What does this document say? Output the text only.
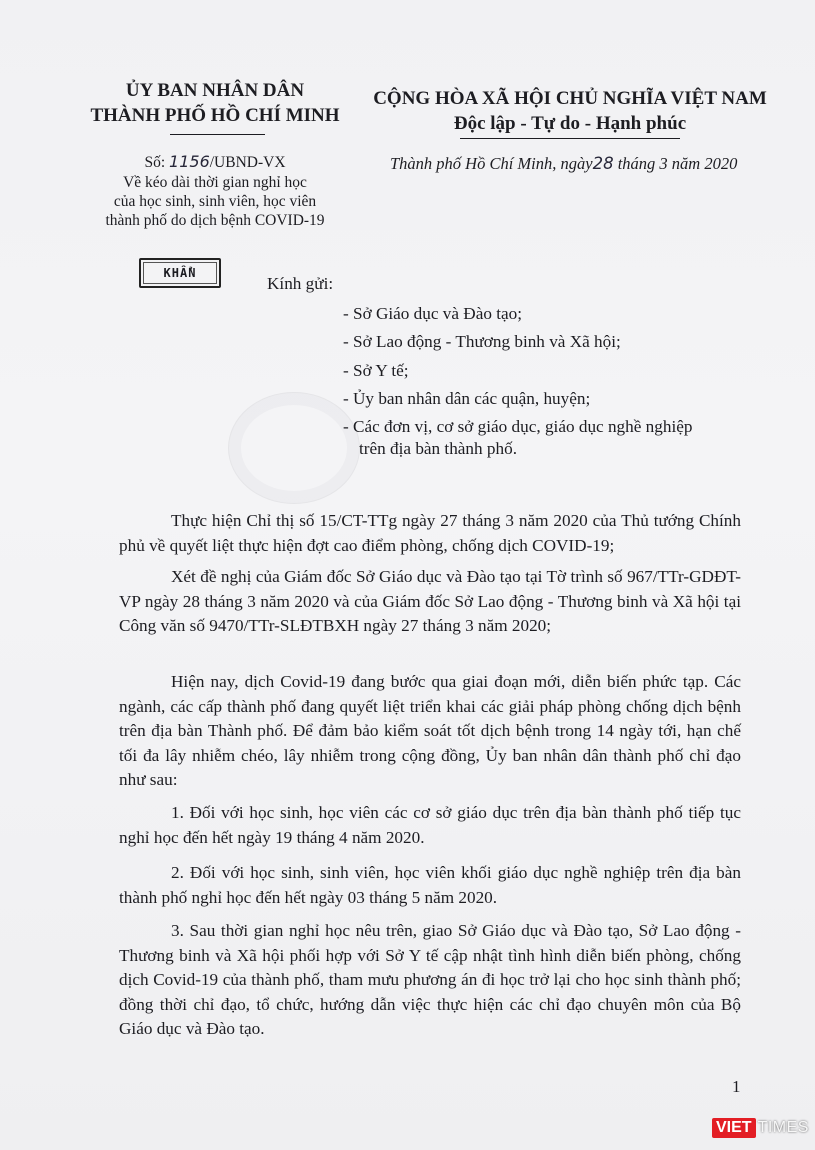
ỦY BAN NHÂN DÂN
THÀNH PHỐ HỒ CHÍ MINH
Số: 1156/UBND-VX
Về kéo dài thời gian nghỉ học
của học sinh, sinh viên, học viên
thành phố do dịch bệnh COVID-19
KHẨN
CỘNG HÒA XÃ HỘI CHỦ NGHĨA VIỆT NAM
Độc lập - Tự do - Hạnh phúc
Thành phố Hồ Chí Minh, ngày28 tháng 3 năm 2020
Kính gửi:
- Sở Giáo dục và Đào tạo;
- Sở Lao động - Thương binh và Xã hội;
- Sở Y tế;
- Ủy ban nhân dân các quận, huyện;
- Các đơn vị, cơ sở giáo dục, giáo dục nghề nghiệp
trên địa bàn thành phố.
Thực hiện Chỉ thị số 15/CT-TTg ngày 27 tháng 3 năm 2020 của Thủ tướng Chính phủ về quyết liệt thực hiện đợt cao điểm phòng, chống dịch COVID-19;
Xét đề nghị của Giám đốc Sở Giáo dục và Đào tạo tại Tờ trình số 967/TTr-GDĐT-VP ngày 28 tháng 3 năm 2020 và của Giám đốc Sở Lao động - Thương binh và Xã hội tại Công văn số 9470/TTr-SLĐTBXH ngày 27 tháng 3 năm 2020;
Hiện nay, dịch Covid-19 đang bước qua giai đoạn mới, diễn biến phức tạp. Các ngành, các cấp thành phố đang quyết liệt triển khai các giải pháp phòng chống dịch bệnh trên địa bàn Thành phố. Để đảm bảo kiểm soát tốt dịch bệnh trong 14 ngày tới, hạn chế tối đa lây nhiễm chéo, lây nhiễm trong cộng đồng, Ủy ban nhân dân thành phố chỉ đạo như sau:
1. Đối với học sinh, học viên các cơ sở giáo dục trên địa bàn thành phố tiếp tục nghỉ học đến hết ngày 19 tháng 4 năm 2020.
2. Đối với học sinh, sinh viên, học viên khối giáo dục nghề nghiệp trên địa bàn thành phố nghỉ học đến hết ngày 03 tháng 5 năm 2020.
3. Sau thời gian nghỉ học nêu trên, giao Sở Giáo dục và Đào tạo, Sở Lao động - Thương binh và Xã hội phối hợp với Sở Y tế cập nhật tình hình diễn biến phòng, chống dịch Covid-19 của thành phố, tham mưu phương án đi học trở lại cho học sinh thành phố; đồng thời chỉ đạo, tổ chức, hướng dẫn việc thực hiện các chỉ đạo chuyên môn của Bộ Giáo dục và Đào tạo.
1
VIET TIMES
